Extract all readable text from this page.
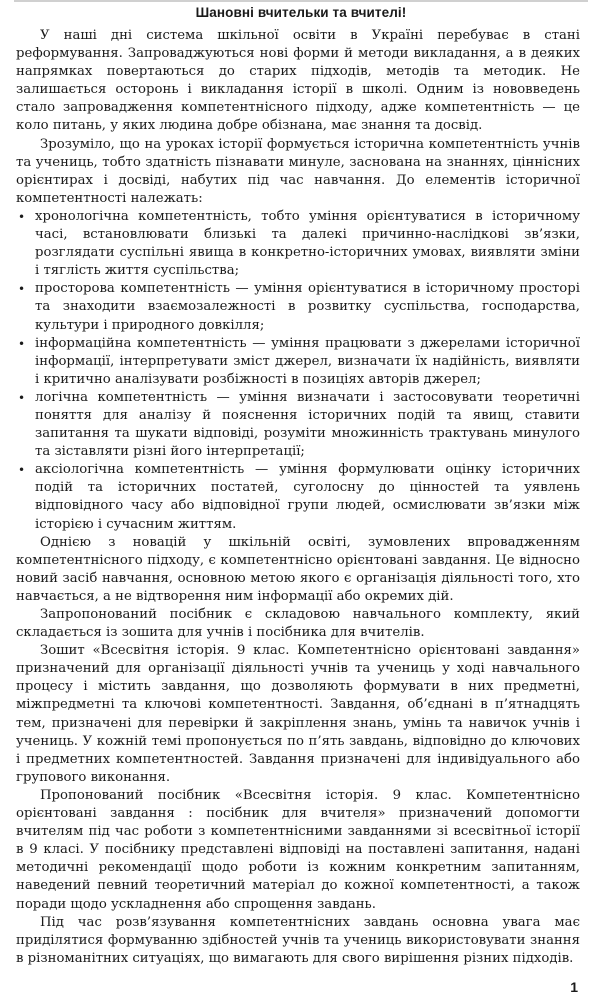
Шановні вчительки та вчителі!

У наші дні система шкільної освіти в Україні перебуває в стані реформування. Запроваджуються нові форми й методи викладання, а в деяких напрямках повертаються до старих підходів, методів та методик. Не залишається осторонь і викладання історії в школі. Одним із нововведень стало запровадження компетентнісного підходу, адже компетентність — це коло питань, у яких людина добре обізнана, має знання та досвід.

Зрозуміло, що на уроках історії формується історична компетентність учнів та учениць, тобто здатність пізнавати минуле, заснована на знаннях, ціннісних орієнтирах і досвіді, набутих під час навчання. До елементів історичної компетентності належать:

• хронологічна компетентність, тобто уміння орієнтуватися в історичному часі, встановлювати близькі та далекі причинно-наслідкові зв’язки, розглядати суспільні явища в конкретно-історичних умовах, виявляти зміни і тяглість життя суспільства;
• просторова компетентність — уміння орієнтуватися в історичному просторі та знаходити взаємозалежності в розвитку суспільства, господарства, культури і природного довкілля;
• інформаційна компетентність — уміння працювати з джерелами історичної інформації, інтерпретувати зміст джерел, визначати їх надійність, виявляти і критично аналізувати розбіжності в позиціях авторів джерел;
• логічна компетентність — уміння визначати і застосовувати теоретичні поняття для аналізу й пояснення історичних подій та явищ, ставити запитання та шукати відповіді, розуміти множинність трактувань минулого та зіставляти різні його інтерпретації;
• аксіологічна компетентність — уміння формулювати оцінку історичних подій та історичних постатей, суголосну до цінностей та уявлень відповідного часу або відповідної групи людей, осмислювати зв’язки між історією і сучасним життям.

Однією з новацій у шкільній освіті, зумовлених впровадженням компетентнісного підходу, є компетентнісно орієнтовані завдання. Це відносно новий засіб навчання, основною метою якого є організація діяльності того, хто навчається, а не відтворення ним інформації або окремих дій.

Запропонований посібник є складовою навчального комплекту, який складається із зошита для учнів і посібника для вчителів.

Зошит «Всесвітня історія. 9 клас. Компетентнісно орієнтовані завдання» призначений для організації діяльності учнів та учениць у ході навчального процесу і містить завдання, що дозволяють формувати в них предметні, міжпредметні та ключові компетентності. Завдання, об’єднані в п’ятнадцять тем, призначені для перевірки й закріплення знань, умінь та навичок учнів і учениць. У кожній темі пропонується по п’ять завдань, відповідно до ключових і предметних компетентностей. Завдання призначені для індивідуального або групового виконання.

Пропонований посібник «Всесвітня історія. 9 клас. Компетентнісно орієнтовані завдання : посібник для вчителя» призначений допомогти вчителям під час роботи з компетентнісними завданнями зі всесвітньої історії в 9 класі. У посібнику представлені відповіді на поставлені запитання, надані методичні рекомендації щодо роботи із кожним конкретним запитанням, наведений певний теоретичний матеріал до кожної компетентності, а також поради щодо ускладнення або спрощення завдань.

Під час розв’язування компетентнісних завдань основна увага має приділятися формуванню здібностей учнів та учениць використовувати знання в різноманітних ситуаціях, що вимагають для свого вирішення різних підходів.

1
